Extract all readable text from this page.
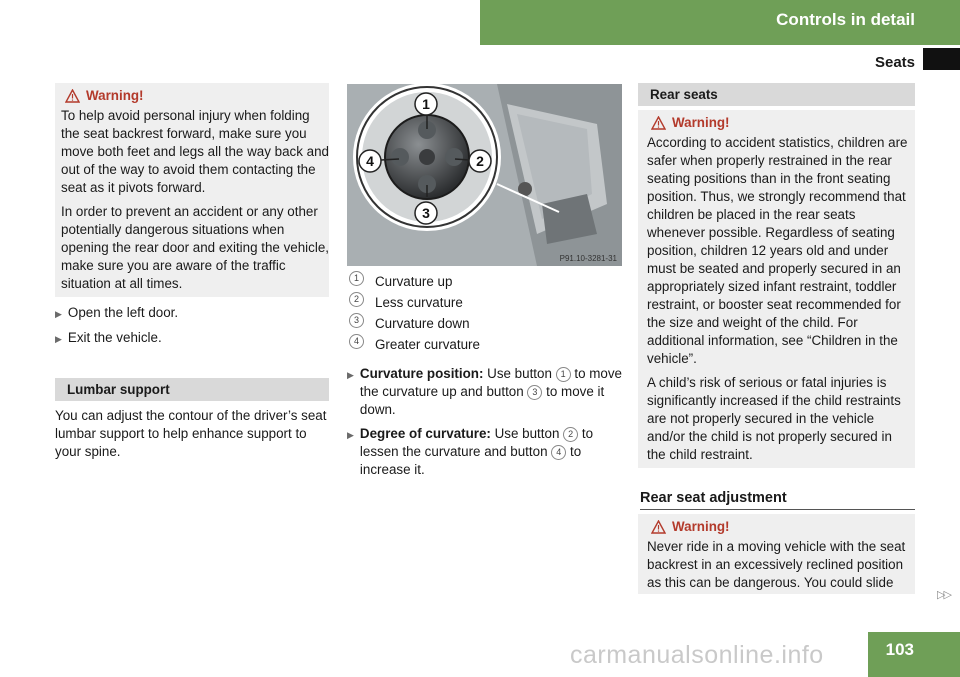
Controls in detail
Seats
Warning!

To help avoid personal injury when folding the seat backrest forward, make sure you move both feet and legs all the way back and out of the way to avoid them contacting the seat as it pivots forward.

In order to prevent an accident or any other potentially dangerous situations when opening the rear door and exiting the vehicle, make sure you are aware of the traffic situation at all times.

▶ Open the left door.
▶ Exit the vehicle.
Lumbar support
You can adjust the contour of the driver’s seat lumbar support to help enhance support to your spine.
1
2
3
4
P91.10-3281-31
1	Curvature up
2	Less curvature
3	Curvature down
4	Greater curvature
▶ Curvature position: Use button 1 to move the curvature up and button 3 to move it down.
▶ Degree of curvature: Use button 2 to lessen the curvature and button 4 to increase it.
Rear seats
Warning!

According to accident statistics, children are safer when properly restrained in the rear seating positions than in the front seating position. Thus, we strongly recommend that children be placed in the rear seats whenever possible. Regardless of seating position, children 12 years old and under must be seated and properly secured in an appropriately sized infant restraint, toddler restraint, or booster seat recommended for the size and weight of the child. For additional information, see “Children in the vehicle”.

A child’s risk of serious or fatal injuries is significantly increased if the child restraints are not properly secured in the vehicle and/or the child is not properly secured in the child restraint.

Rear seat adjustment
Warning!

Never ride in a moving vehicle with the seat backrest in an excessively reclined position as this can be dangerous. You could slide

▷▷
103
carmanualsonline.info
